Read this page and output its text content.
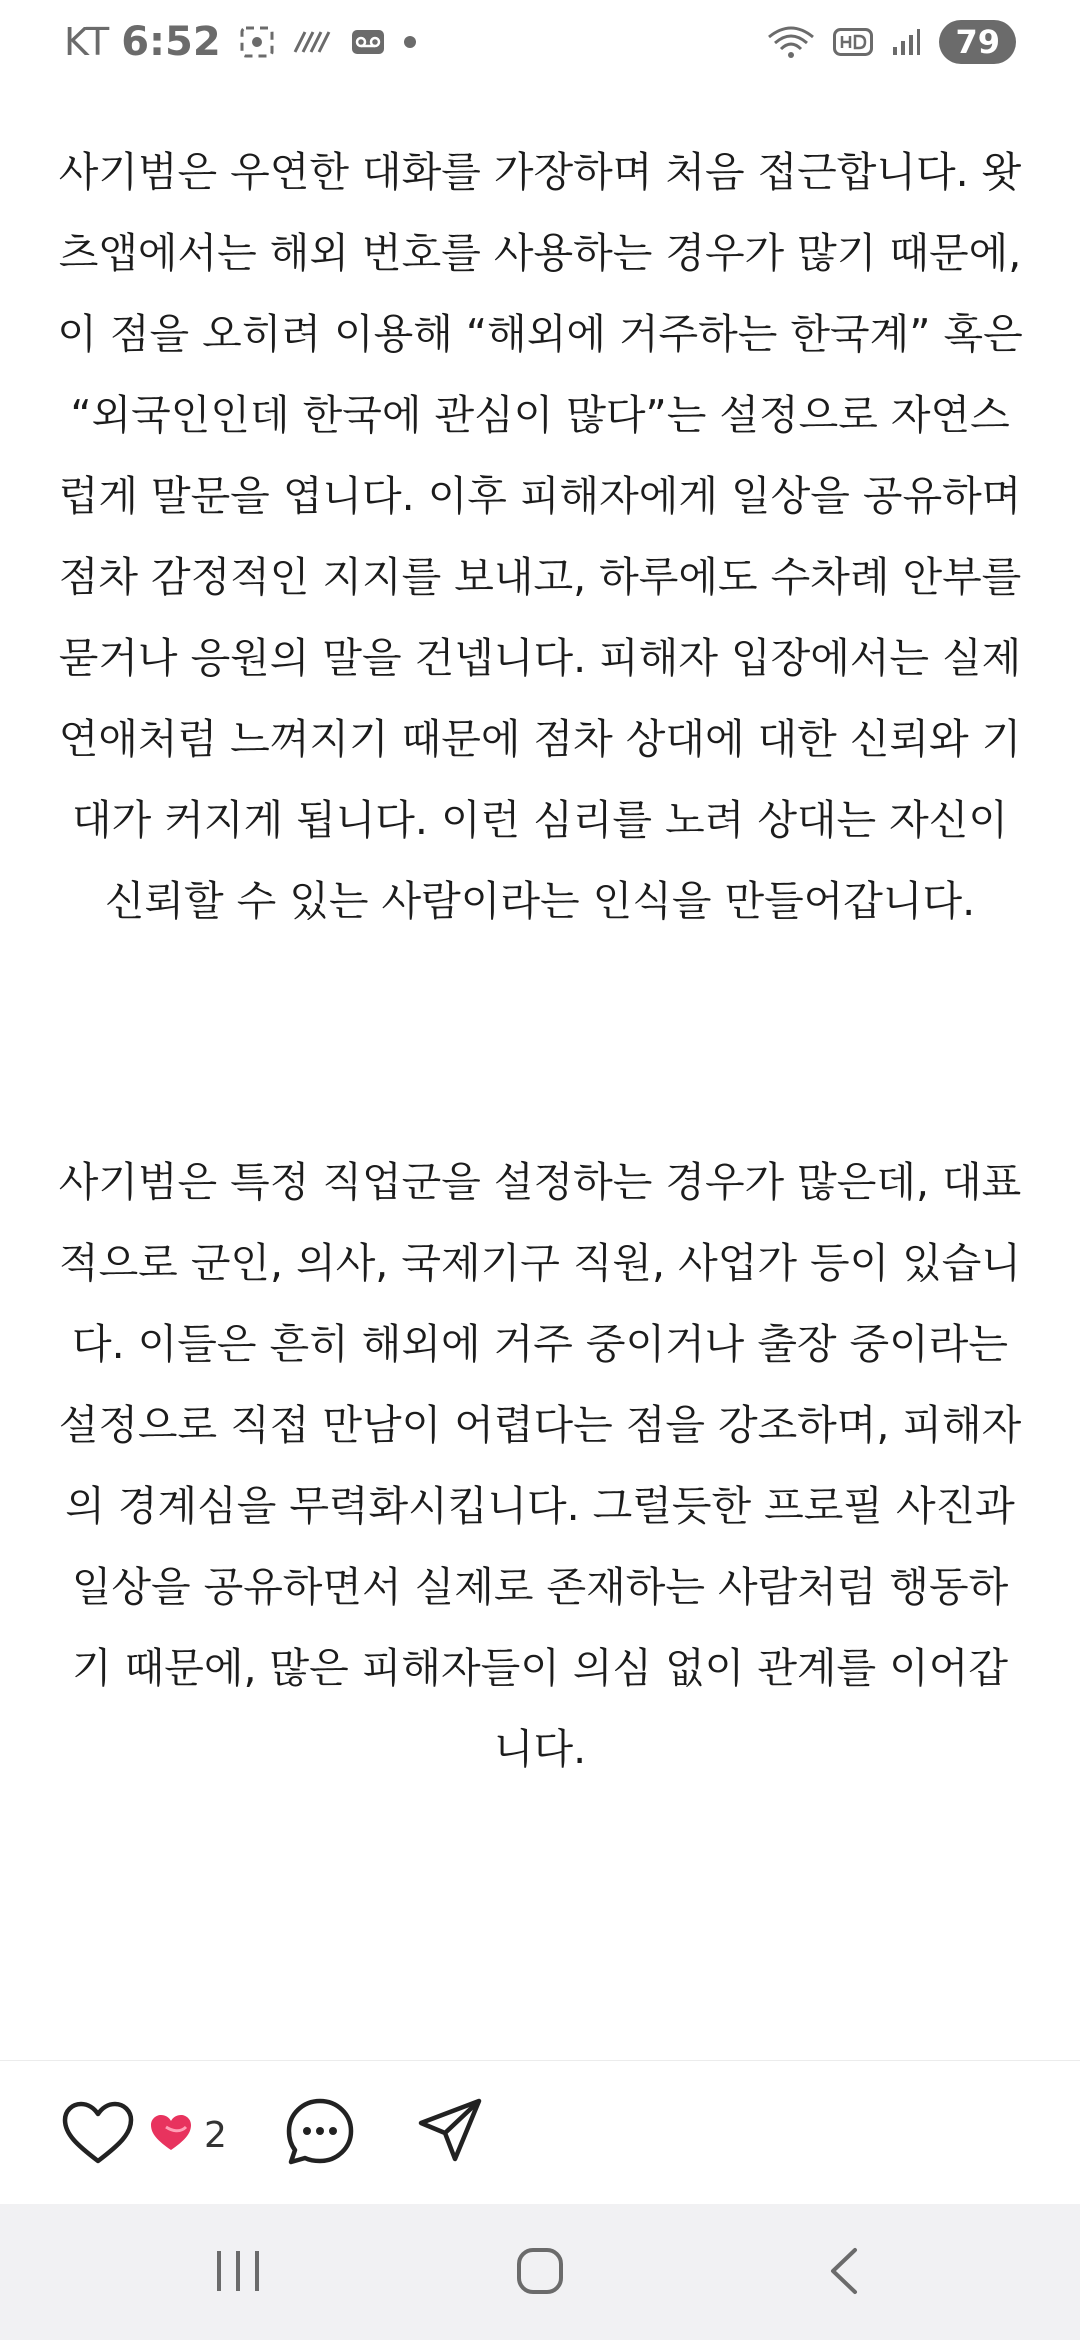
KT 6:52	79

사기범은 우연한 대화를 가장하며 처음 접근합니다. 왓츠앱에서는 해외 번호를 사용하는 경우가 많기 때문에, 이 점을 오히려 이용해 “해외에 거주하는 한국계” 혹은 “외국인인데 한국에 관심이 많다”는 설정으로 자연스럽게 말문을 엽니다. 이후 피해자에게 일상을 공유하며 점차 감정적인 지지를 보내고, 하루에도 수차례 안부를 묻거나 응원의 말을 건넵니다. 피해자 입장에서는 실제 연애처럼 느껴지기 때문에 점차 상대에 대한 신뢰와 기대가 커지게 됩니다. 이런 심리를 노려 상대는 자신이 신뢰할 수 있는 사람이라는 인식을 만들어갑니다.

사기범은 특정 직업군을 설정하는 경우가 많은데, 대표적으로 군인, 의사, 국제기구 직원, 사업가 등이 있습니다. 이들은 흔히 해외에 거주 중이거나 출장 중이라는 설정으로 직접 만남이 어렵다는 점을 강조하며, 피해자의 경계심을 무력화시킵니다. 그럴듯한 프로필 사진과 일상을 공유하면서 실제로 존재하는 사람처럼 행동하기 때문에, 많은 피해자들이 의심 없이 관계를 이어갑니다.

2
